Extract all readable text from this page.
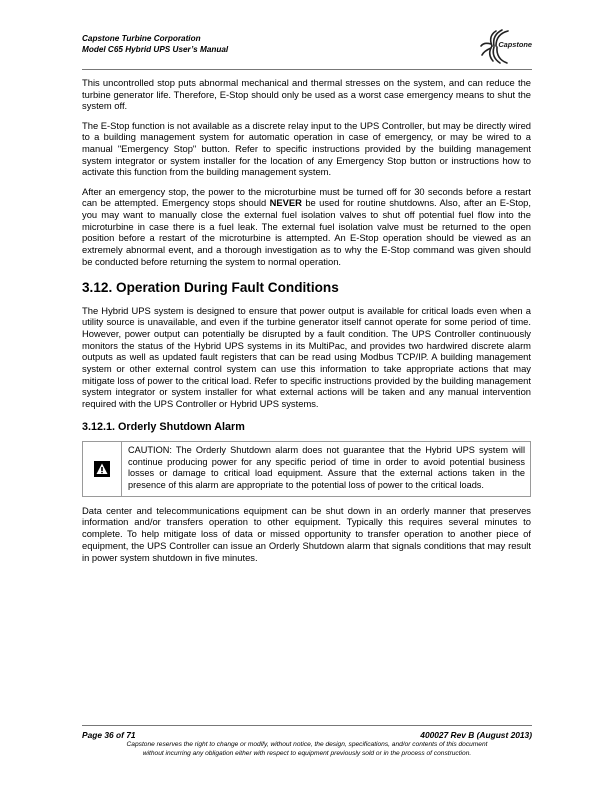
Capstone Turbine Corporation
Model C65 Hybrid UPS User’s Manual	Capstone

This uncontrolled stop puts abnormal mechanical and thermal stresses on the system, and can reduce the turbine generator life. Therefore, E-Stop should only be used as a worst case emergency means to shut the system off.

The E-Stop function is not available as a discrete relay input to the UPS Controller, but may be directly wired to a building management system for automatic operation in case of emergency, or may be wired to a manual "Emergency Stop" button. Refer to specific instructions provided by the building management system integrator or system installer for the location of any Emergency Stop button or instructions how to activate this function from the building management system.

After an emergency stop, the power to the microturbine must be turned off for 30 seconds before a restart can be attempted. Emergency stops should NEVER be used for routine shutdowns. Also, after an E-Stop, you may want to manually close the external fuel isolation valves to shut off potential fuel flow into the microturbine in case there is a fuel leak. The external fuel isolation valve must be returned to the open position before a restart of the microturbine is attempted. An E-Stop operation should be viewed as an extremely abnormal event, and a thorough investigation as to why the E-Stop command was given should be conducted before returning the system to normal operation.

3.12. Operation During Fault Conditions

The Hybrid UPS system is designed to ensure that power output is available for critical loads even when a utility source is unavailable, and even if the turbine generator itself cannot operate for some period of time. However, power output can potentially be disrupted by a fault condition. The UPS Controller continuously monitors the status of the Hybrid UPS systems in its MultiPac, and provides two hardwired discrete alarm outputs as well as updated fault registers that can be read using Modbus TCP/IP. A building management system or other external control system can use this information to take appropriate actions that may mitigate loss of power to the critical load. Refer to specific instructions provided by the building management system integrator or system installer for what external actions will be taken and any manual intervention required with the UPS Controller or Hybrid UPS systems.

3.12.1. Orderly Shutdown Alarm
CAUTION: The Orderly Shutdown alarm does not guarantee that the Hybrid UPS system will continue producing power for any specific period of time in order to avoid potential business losses or damage to critical load equipment. Assure that the external actions taken in the presence of this alarm are appropriate to the potential loss of power to the critical loads.

Data center and telecommunications equipment can be shut down in an orderly manner that preserves information and/or transfers operation to other equipment. Typically this requires several minutes to complete. To help mitigate loss of data or missed opportunity to transfer operation to another piece of equipment, the UPS Controller can issue an Orderly Shutdown alarm that signals conditions that may result in power system shutdown in five minutes.

Page 36 of 71	400027 Rev B (August 2013)
Capstone reserves the right to change or modify, without notice, the design, specifications, and/or contents of this document
without incurring any obligation either with respect to equipment previously sold or in the process of construction.
